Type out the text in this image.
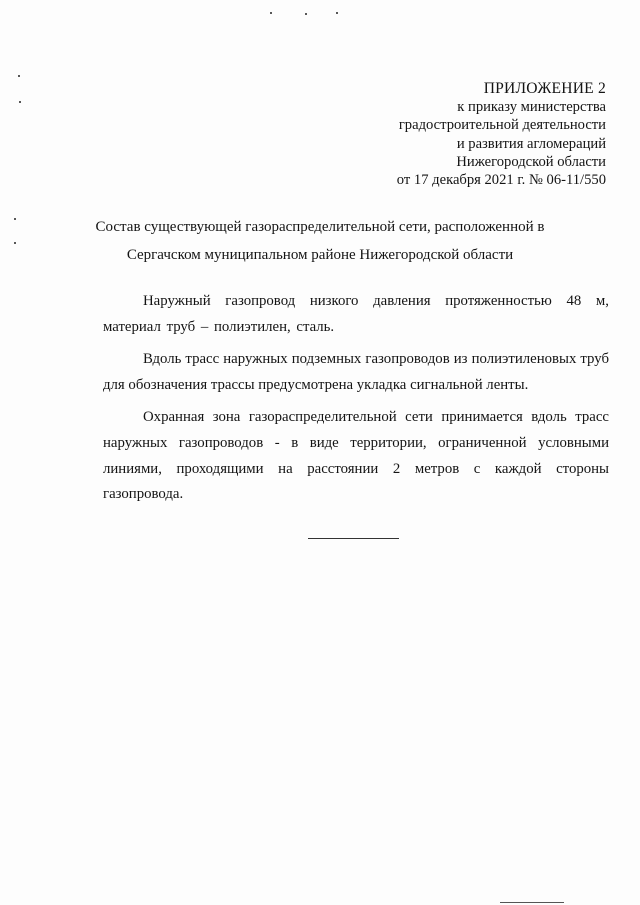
ПРИЛОЖЕНИЕ 2
к приказу министерства
градостроительной деятельности
и развития агломераций
Нижегородской области
от 17 декабря 2021 г. № 06-11/550
Состав существующей газораспределительной сети, расположенной в
Сергачском муниципальном районе Нижегородской области

Наружный газопровод низкого давления протяженностью 48 м, материал труб – полиэтилен, сталь.

Вдоль трасс наружных подземных газопроводов из полиэтиленовых труб для обозначения трассы предусмотрена укладка сигнальной ленты.

Охранная зона газораспределительной сети принимается вдоль трасс наружных газопроводов - в виде территории, ограниченной условными линиями, проходящими на расстоянии 2 метров с каждой стороны газопровода.
